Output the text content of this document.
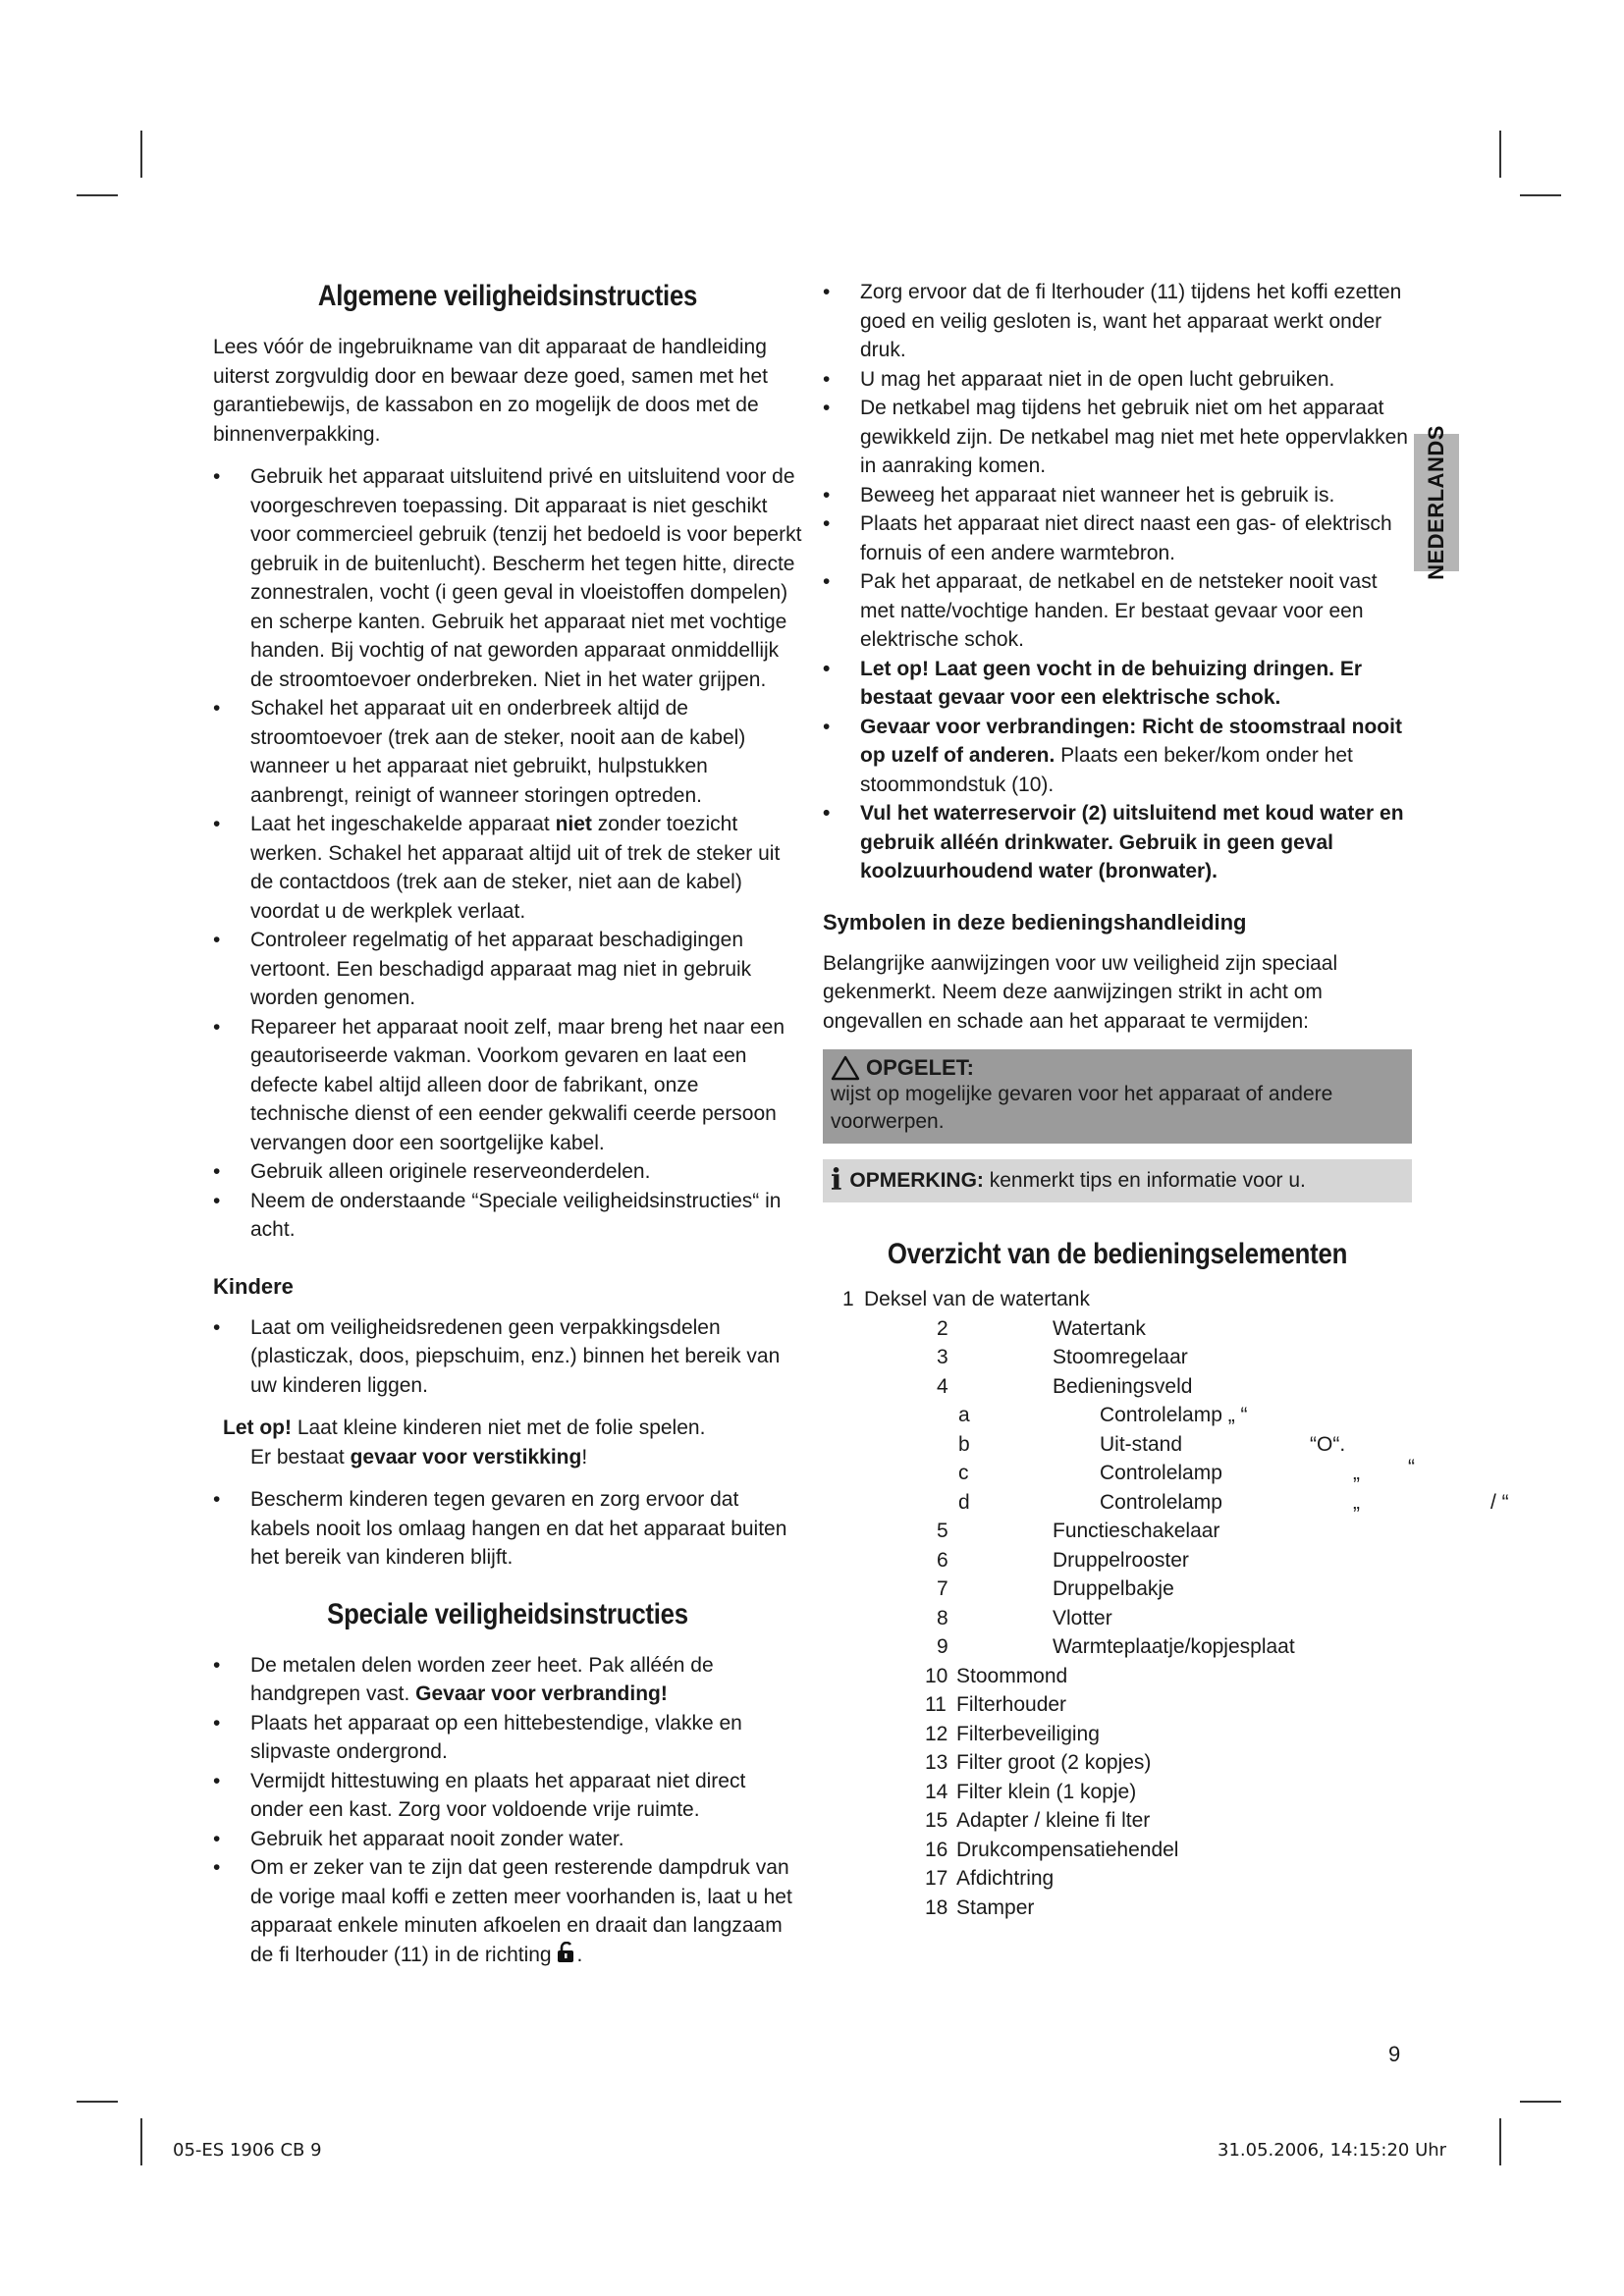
NEDERLANDS
Algemene veiligheidsinstructies

Lees vóór de ingebruikname van dit apparaat de handleiding uiterst zorgvuldig door en bewaar deze goed, samen met het garantiebewijs, de kassabon en zo mogelijk de doos met de binnenverpakking.

• Gebruik het apparaat uitsluitend privé en uitsluitend voor de voorgeschreven toepassing. Dit apparaat is niet geschikt voor commercieel gebruik (tenzij het bedoeld is voor beperkt gebruik in de buitenlucht). Bescherm het tegen hitte, directe zonnestralen, vocht (i geen geval in vloeistoffen dompelen) en scherpe kanten. Gebruik het apparaat niet met vochtige handen. Bij vochtig of nat geworden apparaat onmiddellijk de stroomtoevoer onderbreken. Niet in het water grijpen.
• Schakel het apparaat uit en onderbreek altijd de stroomtoevoer (trek aan de steker, nooit aan de kabel) wanneer u het apparaat niet gebruikt, hulpstukken aanbrengt, reinigt of wanneer storingen optreden.
• Laat het ingeschakelde apparaat niet zonder toezicht werken. Schakel het apparaat altijd uit of trek de steker uit de contactdoos (trek aan de steker, niet aan de kabel) voordat u de werkplek verlaat.
• Controleer regelmatig of het apparaat beschadigingen vertoont. Een beschadigd apparaat mag niet in gebruik worden genomen.
• Repareer het apparaat nooit zelf, maar breng het naar een geautoriseerde vakman. Voorkom gevaren en laat een defecte kabel altijd alleen door de fabrikant, onze technische dienst of een eender gekwalifi ceerde persoon vervangen door een soortgelijke kabel.
• Gebruik alleen originele reserveonderdelen.
• Neem de onderstaande “Speciale veiligheidsinstructies“ in acht.
Kindere
• Laat om veiligheidsredenen geen verpakkingsdelen (plasticzak, doos, piepschuim, enz.) binnen het bereik van uw kinderen liggen.
Let op! Laat kleine kinderen niet met de folie spelen.
Er bestaat gevaar voor verstikking!
• Bescherm kinderen tegen gevaren en zorg ervoor dat kabels nooit los omlaag hangen en dat het apparaat buiten het bereik van kinderen blijft.
Speciale veiligheidsinstructies
• De metalen delen worden zeer heet. Pak alléén de handgrepen vast. Gevaar voor verbranding!
• Plaats het apparaat op een hittebestendige, vlakke en slipvaste ondergrond.
• Vermijdt hittestuwing en plaats het apparaat niet direct onder een kast. Zorg voor voldoende vrije ruimte.
• Gebruik het apparaat nooit zonder water.
• Om er zeker van te zijn dat geen resterende dampdruk van de vorige maal koffi e zetten meer voorhanden is, laat u het apparaat enkele minuten afkoelen en draait dan langzaam de fi lterhouder (11) in de richting .
• Zorg ervoor dat de fi lterhouder (11) tijdens het koffi ezetten goed en veilig gesloten is, want het apparaat werkt onder druk.
• U mag het apparaat niet in de open lucht gebruiken.
• De netkabel mag tijdens het gebruik niet om het apparaat gewikkeld zijn. De netkabel mag niet met hete oppervlakken in aanraking komen.
• Beweeg het apparaat niet wanneer het is gebruik is.
• Plaats het apparaat niet direct naast een gas- of elektrisch fornuis of een andere warmtebron.
• Pak het apparaat, de netkabel en de netsteker nooit vast met natte/vochtige handen. Er bestaat gevaar voor een elektrische schok.
• Let op! Laat geen vocht in de behuizing dringen. Er bestaat gevaar voor een elektrische schok.
• Gevaar voor verbrandingen: Richt de stoomstraal nooit op uzelf of anderen. Plaats een beker/kom onder het stoommondstuk (10).
• Vul het waterreservoir (2) uitsluitend met koud water en gebruik alléén drinkwater. Gebruik in geen geval koolzuurhoudend water (bronwater).
Symbolen in deze bedieningshandleiding

Belangrijke aanwijzingen voor uw veiligheid zijn speciaal gekenmerkt. Neem deze aanwijzingen strikt in acht om ongevallen en schade aan het apparaat te vermijden:

OPGELET:
wijst op mogelijke gevaren voor het apparaat of andere voorwerpen.
i OPMERKING: kenmerkt tips en informatie voor u.
Overzicht van de bedieningselementen
1 Deksel van de watertank
2	Watertank
3	Stoomregelaar
4	Bedieningsveld
a	Controlelamp „ “
b	Uit-stand	“O“.
c	Controlelamp	„ “
d	Controlelamp	„	/ “
5	Functieschakelaar
6	Druppelrooster
7	Druppelbakje
8	Vlotter
9	Warmteplaatje/kopjesplaat
10 Stoommond
11 Filterhouder
12 Filterbeveiliging
13 Filter groot (2 kopjes)
14 Filter klein (1 kopje)
15 Adapter / kleine fi lter
16 Drukcompensatiehendel
17 Afdichtring
18 Stamper
9
05-ES 1906 CB 9	31.05.2006, 14:15:20 Uhr
